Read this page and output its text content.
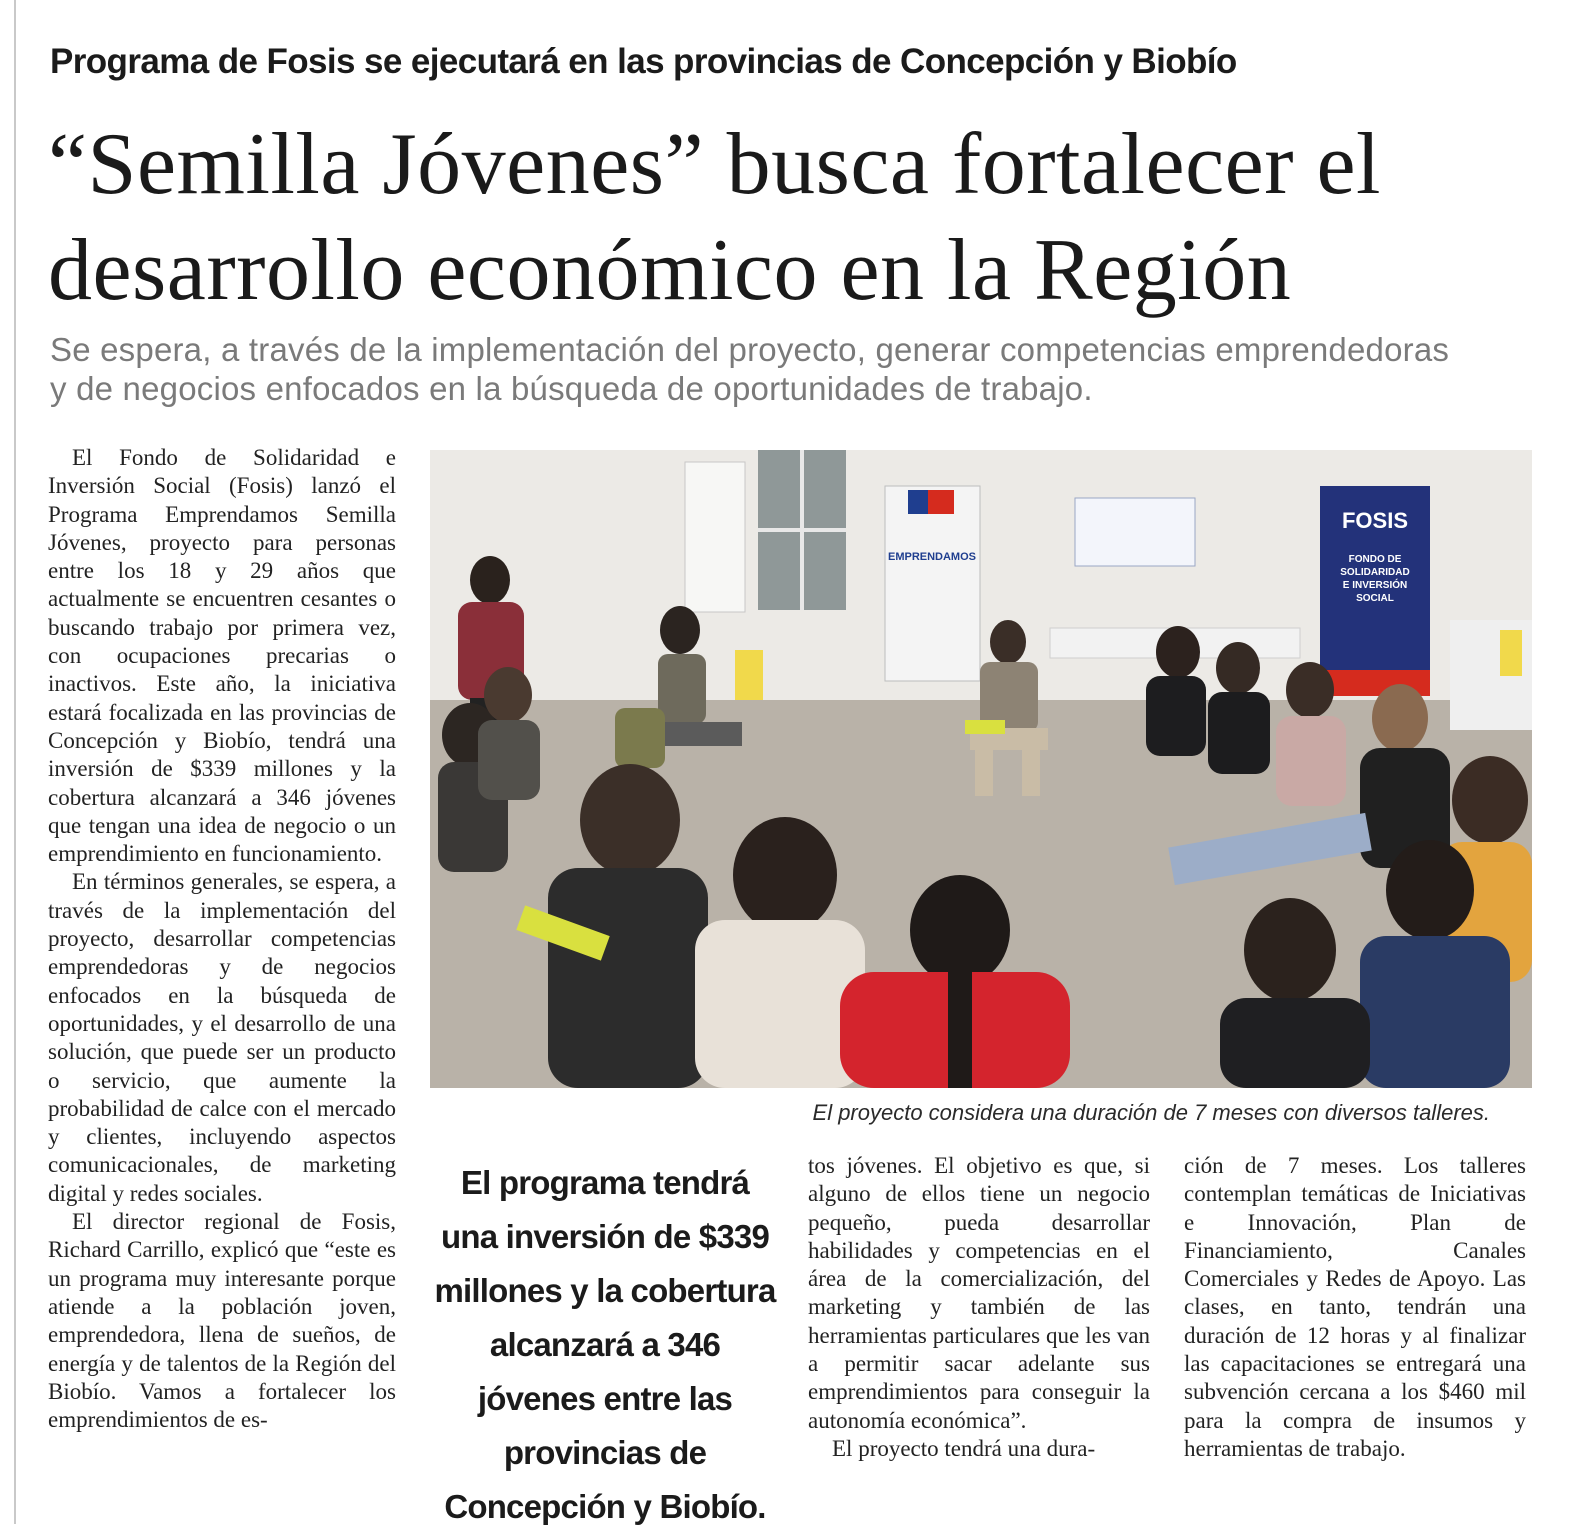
Programa de Fosis se ejecutará en las provincias de Concepción y Biobío
“Semilla Jóvenes” busca fortalecer el
desarrollo económico en la Región
Se espera, a través de la implementación del proyecto, generar competencias emprendedoras
y de negocios enfocados en la búsqueda de oportunidades de trabajo.

El Fondo de Solidaridad e Inversión Social (Fosis) lanzó el Programa Emprendamos Semilla Jóvenes, proyecto para personas entre los 18 y 29 años que actualmente se encuentren cesantes o buscando trabajo por primera vez, con ocupaciones precarias o inactivos. Este año, la iniciativa estará focalizada en las provincias de Concepción y Biobío, tendrá una inversión de $339 millones y la cobertura alcanzará a 346 jóvenes que tengan una idea de negocio o un emprendimiento en funcionamiento.

En términos generales, se espera, a través de la implementación del proyecto, desarrollar competencias emprendedoras y de negocios enfocados en la búsqueda de oportunidades, y el desarrollo de una solución, que puede ser un producto o servicio, que aumente la probabilidad de calce con el mercado y clientes, incluyendo aspectos comunicacionales, de marketing digital y redes sociales.

El director regional de Fosis, Richard Carrillo, explicó que “este es un programa muy interesante porque atiende a la población joven, emprendedora, llena de sueños, de energía y de talentos de la Región del Biobío. Vamos a fortalecer los emprendimientos de es-

EMPRENDAMOS
FOSIS
FONDO DE
SOLIDARIDAD
E INVERSIÓN
SOCIAL
El proyecto considera una duración de 7 meses con diversos talleres.
El programa tendrá una inversión de $339 millones y la cobertura alcanzará a 346 jóvenes entre las provincias de Concepción y Biobío.

tos jóvenes. El objetivo es que, si alguno de ellos tiene un negocio pequeño, pueda desarrollar habilidades y competencias en el área de la comercialización, del marketing y también de las herramientas particulares que les van a permitir sacar adelante sus emprendimientos para conseguir la autonomía económica”.

El proyecto tendrá una dura-

ción de 7 meses. Los talleres contemplan temáticas de Iniciativas e Innovación, Plan de Financiamiento, Canales Comerciales y Redes de Apoyo. Las clases, en tanto, tendrán una duración de 12 horas y al finalizar las capacitaciones se entregará una subvención cercana a los $460 mil para la compra de insumos y herramientas de trabajo.
